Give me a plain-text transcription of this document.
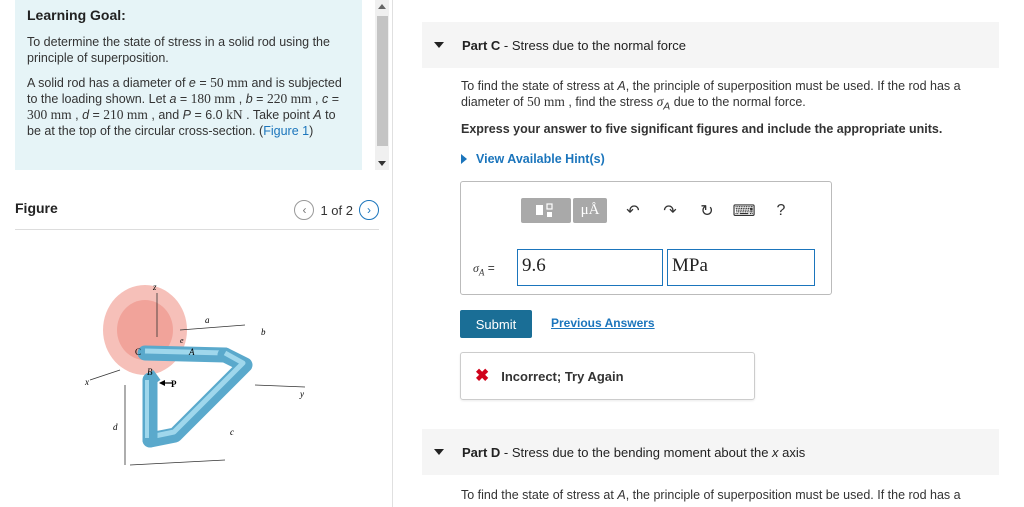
Learning Goal:
To determine the state of stress in a solid rod using the principle of superposition.
A solid rod has a diameter of e = 50 mm and is subjected to the loading shown. Let a = 180 mm , b = 220 mm , c = 300 mm , d = 210 mm , and P = 6.0 kN . Take point A to be at the top of the circular cross-section. (Figure 1)
Figure	‹ 1 of 2 ›
z
a
b
e
C	A
B
P
x
y
d	c
Part C - Stress due to the normal force
To find the state of stress at A, the principle of superposition must be used. If the rod has a diameter of 50 mm , find the stress $\sigma_A$ due to the normal force.
Express your answer to five significant figures and include the appropriate units.
View Available Hint(s)
μÅ	↶ ↷ ↻ ⌨	?
$\sigma_A = 9.6$	MPa
Submit	Previous Answers
✖ Incorrect; Try Again
Part D - Stress due to the bending moment about the x axis
To find the state of stress at A, the principle of superposition must be used. If the rod has a
